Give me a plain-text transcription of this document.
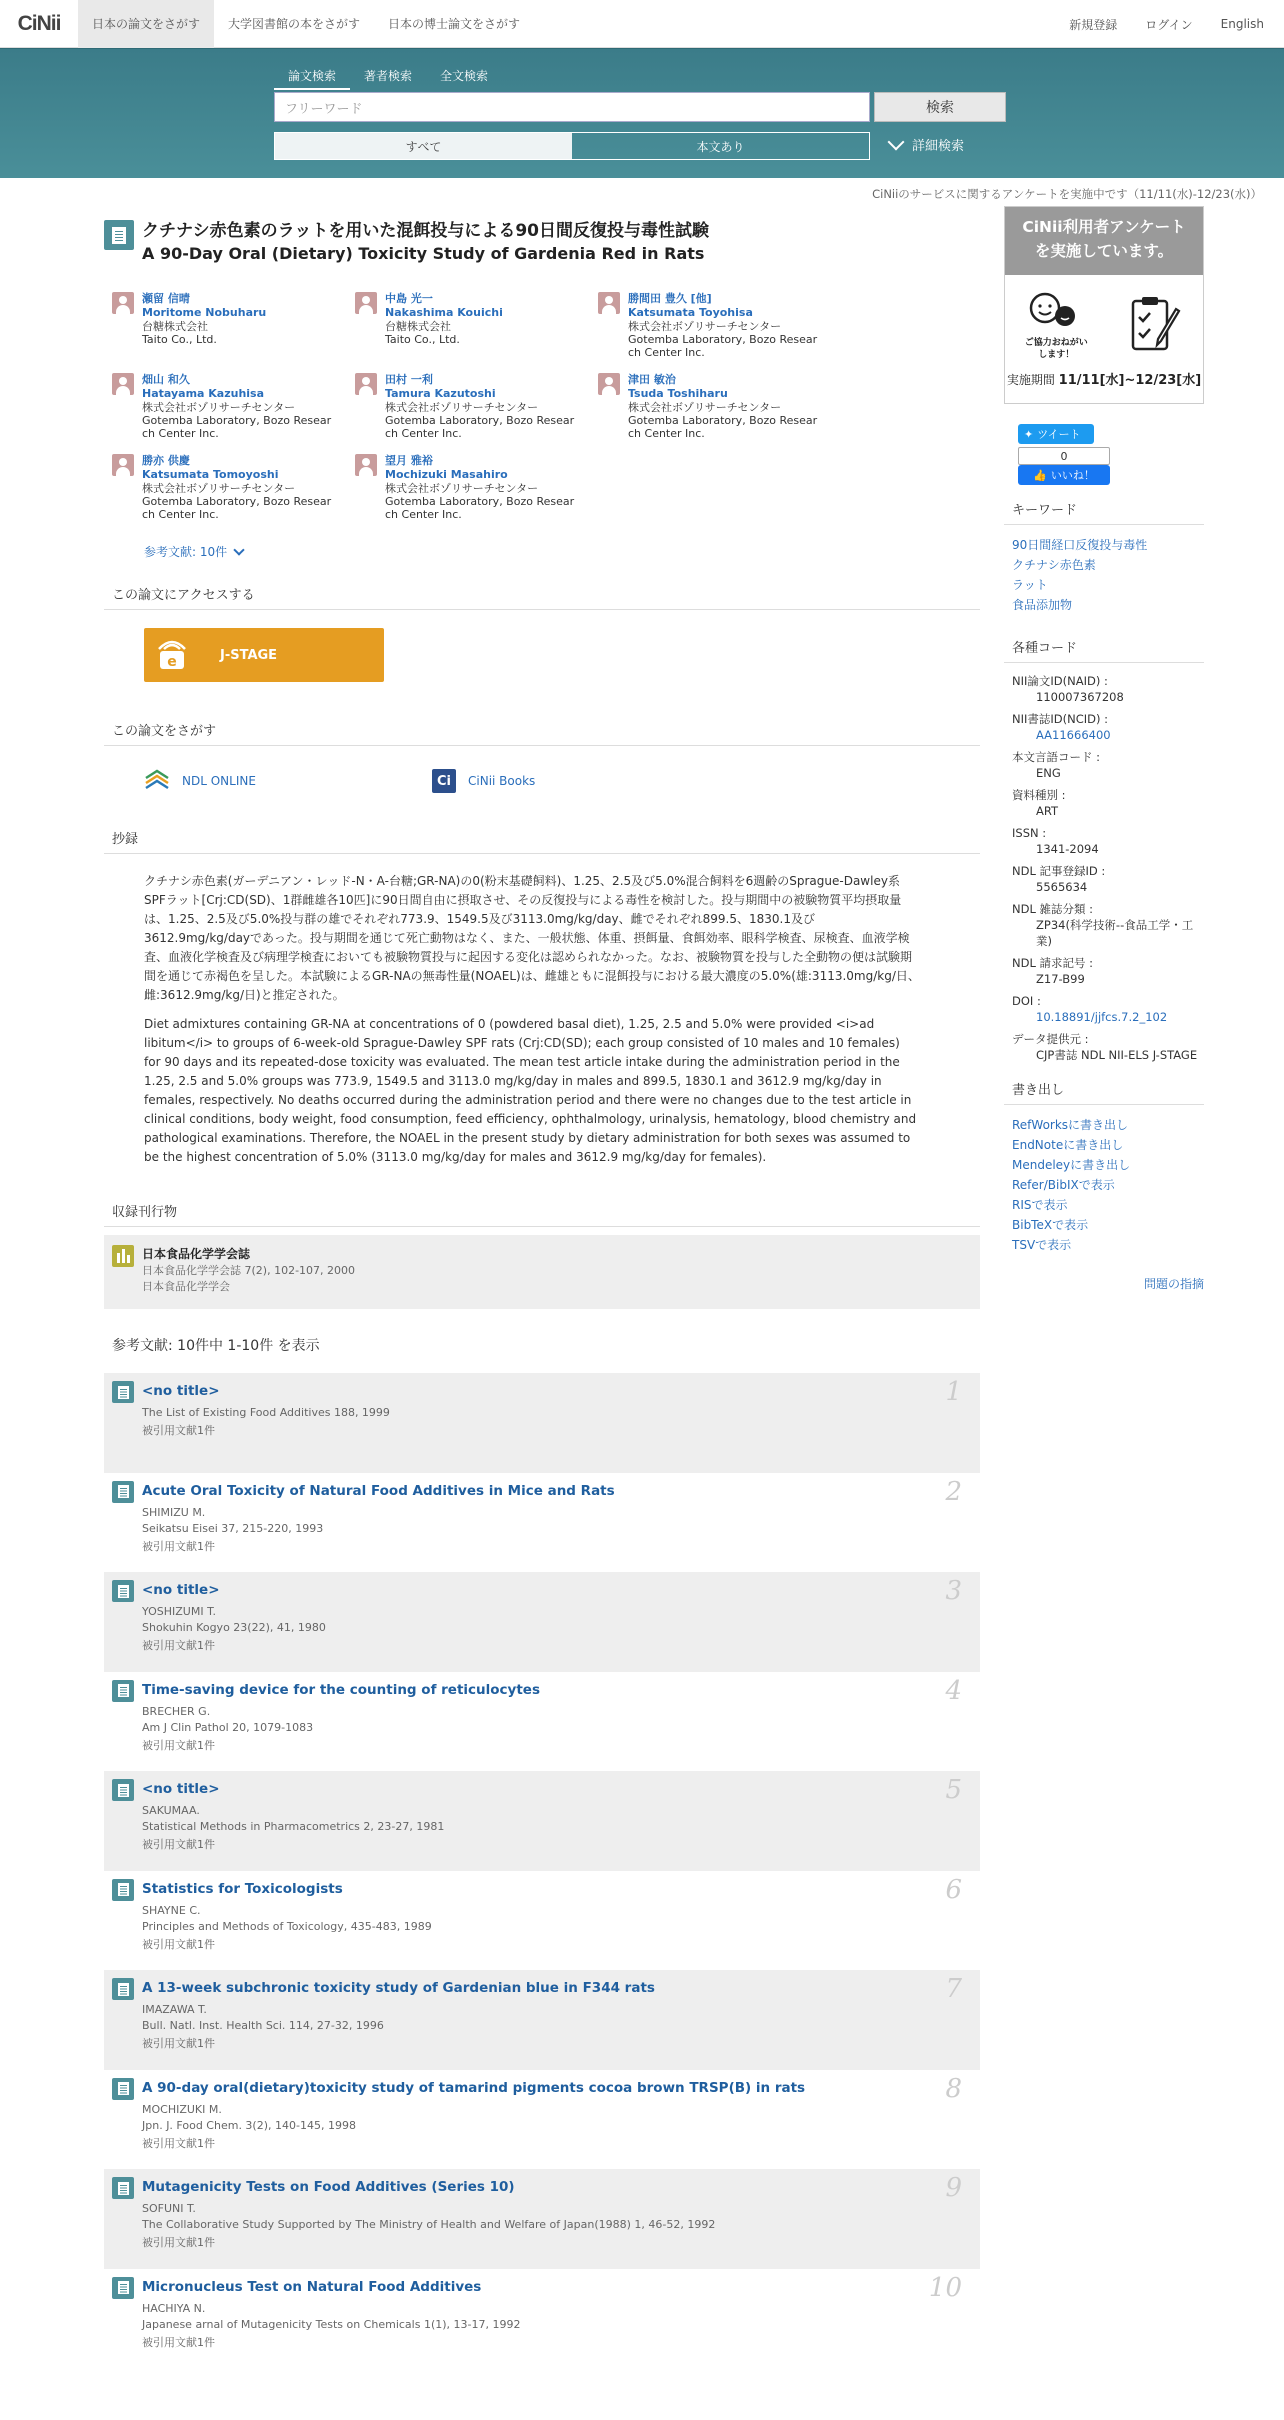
CiNii	日本の論文をさがす	大学図書館の本をさがす	日本の博士論文をさがす	新規登録 ログイン English
論文検索	著者検索	全文検索
フリーワード	検索
すべて	本文あり	詳細検索
CiNiiのサービスに関するアンケートを実施中です（11/11(水)-12/23(水)）
クチナシ赤色素のラットを用いた混餌投与による90日間反復投与毒性試験
A 90-Day Oral (Dietary) Toxicity Study of Gardenia Red in Rats
瀬留 信晴
Moritome Nobuharu
台糖株式会社
Taito Co., Ltd.
中島 光一
Nakashima Kouichi
台糖株式会社
Taito Co., Ltd.
勝間田 豊久 [他]
Katsumata Toyohisa
株式会社ボゾリサーチセンター
Gotemba Laboratory, Bozo Resear
ch Center Inc.
畑山 和久
Hatayama Kazuhisa
株式会社ボゾリサーチセンター
Gotemba Laboratory, Bozo Resear
ch Center Inc.
田村 一利
Tamura Kazutoshi
株式会社ボゾリサーチセンター
Gotemba Laboratory, Bozo Resear
ch Center Inc.
津田 敏治
Tsuda Toshiharu
株式会社ボゾリサーチセンター
Gotemba Laboratory, Bozo Resear
ch Center Inc.
勝亦 供慶
Katsumata Tomoyoshi
株式会社ボゾリサーチセンター
Gotemba Laboratory, Bozo Resear
ch Center Inc.
望月 雅裕
Mochizuki Masahiro
株式会社ボゾリサーチセンター
Gotemba Laboratory, Bozo Resear
ch Center Inc.
参考文献: 10件
この論文にアクセスする
e	J-STAGE
この論文をさがす
NDL ONLINE	Ci	CiNii Books
抄録

クチナシ赤色素(ガーデニアン・レッド-N・A-台糖;GR-NA)の0(粉末基礎飼料)、1.25、2.5及び5.0%混合飼料を6週齢のSprague-Dawley系SPFラット[Crj:CD(SD)、1群雌雄各10匹]に90日間自由に摂取させ、その反復投与による毒性を検討した。投与期間中の被験物質平均摂取量は、1.25、2.5及び5.0%投与群の雄でそれぞれ773.9、1549.5及び3113.0mg/kg/day、雌でそれぞれ899.5、1830.1及び3612.9mg/kg/dayであった。投与期間を通じて死亡動物はなく、また、一般状態、体重、摂餌量、食餌効率、眼科学検査、尿検査、血液学検査、血液化学検査及び病理学検査においても被験物質投与に起因する変化は認められなかった。なお、被験物質を投与した全動物の便は試験期間を通じて赤褐色を呈した。本試験によるGR-NAの無毒性量(NOAEL)は、雌雄ともに混餌投与における最大濃度の5.0%(雄:3113.0mg/kg/日、雌:3612.9mg/kg/日)と推定された。

Diet admixtures containing GR-NA at concentrations of 0 (powdered basal diet), 1.25, 2.5 and 5.0% were provided <i>ad libitum</i> to groups of 6-week-old Sprague-Dawley SPF rats (Crj:CD(SD); each group consisted of 10 males and 10 females) for 90 days and its repeated-dose toxicity was evaluated. The mean test article intake during the administration period in the 1.25, 2.5 and 5.0% groups was 773.9, 1549.5 and 3113.0 mg/kg/day in males and 899.5, 1830.1 and 3612.9 mg/kg/day in females, respectively. No deaths occurred during the administration period and there were no changes due to the test article in clinical conditions, body weight, food consumption, feed efficiency, ophthalmology, urinalysis, hematology, blood chemistry and pathological examinations. Therefore, the NOAEL in the present study by dietary administration for both sexes was assumed to be the highest concentration of 5.0% (3113.0 mg/kg/day for males and 3612.9 mg/kg/day for females).

収録刊行物
日本食品化学学会誌
日本食品化学学会誌 7(2), 102-107, 2000
日本食品化学学会
参考文献: 10件中 1-10件 を表示
<no title>
The List of Existing Food Additives 188, 1999
被引用文献1件
1
Acute Oral Toxicity of Natural Food Additives in Mice and Rats
SHIMIZU M.
Seikatsu Eisei 37, 215-220, 1993
被引用文献1件
2
<no title>
YOSHIZUMI T.
Shokuhin Kogyo 23(22), 41, 1980
被引用文献1件
3
Time-saving device for the counting of reticulocytes
BRECHER G.
Am J Clin Pathol 20, 1079-1083
被引用文献1件
4
<no title>
SAKUMAA.
Statistical Methods in Pharmacometrics 2, 23-27, 1981
被引用文献1件
5
Statistics for Toxicologists
SHAYNE C.
Principles and Methods of Toxicology, 435-483, 1989
被引用文献1件
6
A 13-week subchronic toxicity study of Gardenian blue in F344 rats
IMAZAWA T.
Bull. Natl. Inst. Health Sci. 114, 27-32, 1996
被引用文献1件
7
A 90-day oral(dietary)toxicity study of tamarind pigments cocoa brown TRSP(B) in rats
MOCHIZUKI M.
Jpn. J. Food Chem. 3(2), 140-145, 1998
被引用文献1件
8
Mutagenicity Tests on Food Additives (Series 10)
SOFUNI T.
The Collaborative Study Supported by The Ministry of Health and Welfare of Japan(1988) 1, 46-52, 1992
被引用文献1件
9
Micronucleus Test on Natural Food Additives
HACHIYA N.
Japanese arnal of Mutagenicity Tests on Chemicals 1(1), 13-17, 1992
被引用文献1件
10
CiNii利用者アンケート
を実施しています。
ご協力おねがい
します！
実施期間 11/11[水]~12/23[水]
✦ ツイート
0
👍 いいね！
キーワード
90日間経口反復投与毒性
クチナシ赤色素
ラット
食品添加物
各種コード
NII論文ID(NAID) :
110007367208
NII書誌ID(NCID) :
AA11666400
本文言語コード :
ENG
資料種別 :
ART
ISSN :
1341-2094
NDL 記事登録ID :
5565634
NDL 雑誌分類 :
ZP34(科学技術--食品工学・工業)
NDL 請求記号 :
Z17-B99
DOI :
10.18891/jjfcs.7.2_102
データ提供元 :
CJP書誌 NDL NII-ELS J-STAGE
書き出し
RefWorksに書き出し
EndNoteに書き出し
Mendeleyに書き出し
Refer/BibIXで表示
RISで表示
BibTeXで表示
TSVで表示
問題の指摘
